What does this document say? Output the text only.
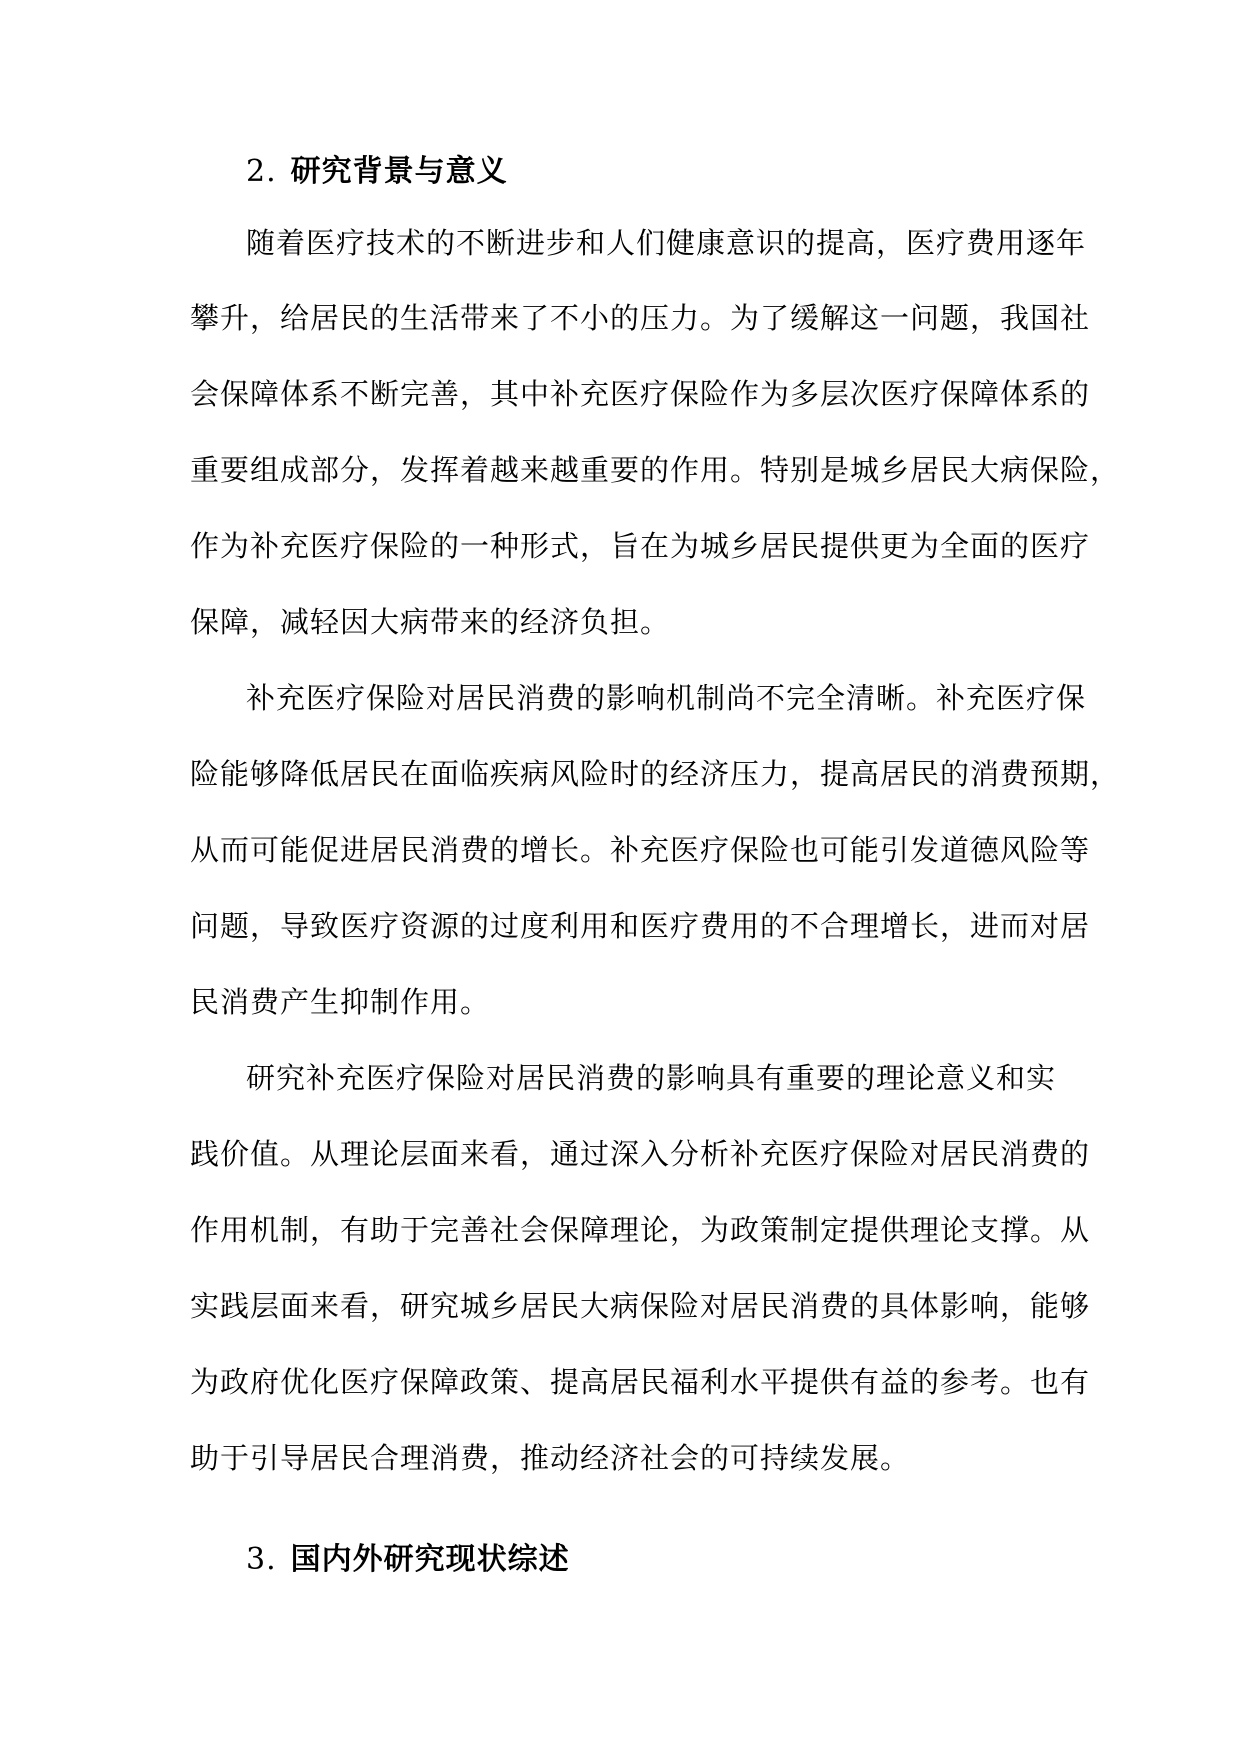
2. 研究背景与意义
随着医疗技术的不断进步和人们健康意识的提高，医疗费用逐年
攀升，给居民的生活带来了不小的压力。为了缓解这一问题，我国社
会保障体系不断完善，其中补充医疗保险作为多层次医疗保障体系的
重要组成部分，发挥着越来越重要的作用。特别是城乡居民大病保险，
作为补充医疗保险的一种形式，旨在为城乡居民提供更为全面的医疗
保障，减轻因大病带来的经济负担。
补充医疗保险对居民消费的影响机制尚不完全清晰。补充医疗保
险能够降低居民在面临疾病风险时的经济压力，提高居民的消费预期，
从而可能促进居民消费的增长。补充医疗保险也可能引发道德风险等
问题，导致医疗资源的过度利用和医疗费用的不合理增长，进而对居
民消费产生抑制作用。
研究补充医疗保险对居民消费的影响具有重要的理论意义和实
践价值。从理论层面来看，通过深入分析补充医疗保险对居民消费的
作用机制，有助于完善社会保障理论，为政策制定提供理论支撑。从
实践层面来看，研究城乡居民大病保险对居民消费的具体影响，能够
为政府优化医疗保障政策、提高居民福利水平提供有益的参考。也有
助于引导居民合理消费，推动经济社会的可持续发展。
3. 国内外研究现状综述
